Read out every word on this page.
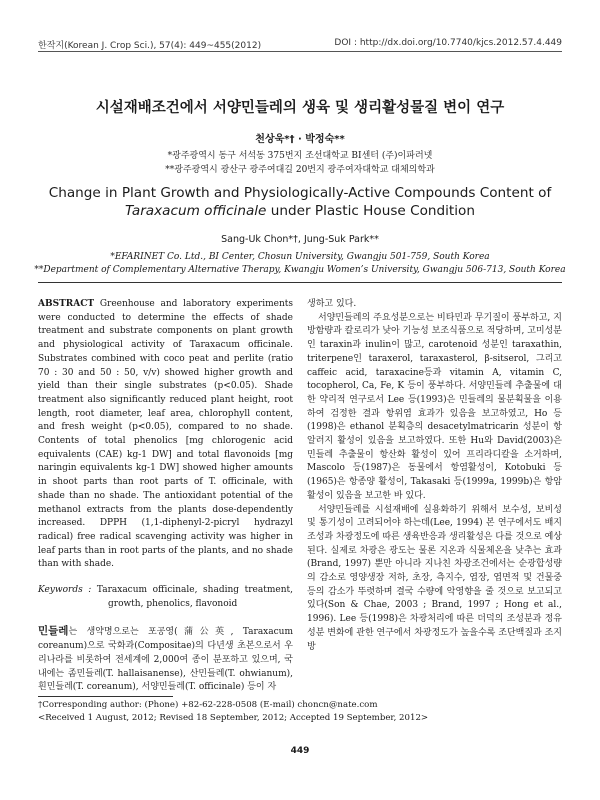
한작지(Korean J. Crop Sci.), 57(4): 449~455(2012)	DOI : http://dx.doi.org/10.7740/kjcs.2012.57.4.449
시설재배조건에서 서양민들레의 생육 및 생리활성물질 변이 연구
천상욱*† · 박정숙**
*광주광역시 동구 서석동 375번지 조선대학교 BI센터 (주)이파러넷
**광주광역시 광산구 광주여대길 20번지 광주여자대학교 대체의학과
Change in Plant Growth and Physiologically-Active Compounds Content of
Taraxacum officinale under Plastic House Condition
Sang-Uk Chon*†, Jung-Suk Park**
*EFARINET Co. Ltd., BI Center, Chosun University, Gwangju 501-759, South Korea
**Department of Complementary Alternative Therapy, Kwangju Women’s University, Gwangju 506-713, South Korea

ABSTRACT Greenhouse and laboratory experiments were conducted to determine the effects of shade treatment and substrate components on plant growth and physiological activity of Taraxacum officinale. Substrates combined with coco peat and perlite (ratio 70 : 30 and 50 : 50, v/v) showed higher growth and yield than their single substrates (p<0.05). Shade treatment also significantly reduced plant height, root length, root diameter, leaf area, chlorophyll content, and fresh weight (p<0.05), compared to no shade. Contents of total phenolics [mg chlorogenic acid equivalents (CAE) kg-1 DW] and total flavonoids [mg naringin equivalents kg-1 DW] showed higher amounts in shoot parts than root parts of T. officinale, with shade than no shade. The antioxidant potential of the methanol extracts from the plants dose-dependently increased. DPPH (1,1-diphenyl-2-picryl hydrazyl radical) free radical scavenging activity was higher in leaf parts than in root parts of the plants, and no shade than with shade.

Keywords : Taraxacum officinale, shading treatment, growth, phenolics, flavonoid

민들레는 생약명으로는 포공영(蒲公英, Taraxacum coreanum)으로 국화과(Compositae)의 다년생 초본으로서 우리나라를 비롯하여 전세계에 2,000여 종이 분포하고 있으며, 국내에는 좀민들레(T. hallaisanense), 산민들레(T. ohwianum), 흰민들레(T. coreanum), 서양민들레(T. officinale) 등이 자

생하고 있다.

서양민들레의 주요성분으로는 비타민과 무기질이 풍부하고, 지방함량과 칼로리가 낮아 기능성 보조식품으로 적당하며, 고미성분인 taraxin과 inulin이 많고, carotenoid 성분인 taraxathin, triterpene인 taraxerol, taraxasterol, β-sitserol, 그리고 caffeic acid, taraxacine등과 vitamin A, vitamin C, tocopherol, Ca, Fe, K 등이 풍부하다. 서양민들레 추출물에 대한 약리적 연구로서 Lee 등(1993)은 민들레의 물분획물을 이용하여 검정한 결과 항위염 효과가 있음을 보고하였고, Ho 등(1998)은 ethanol 분획층의 desacetylmatricarin 성분이 항알러지 활성이 있음을 보고하였다. 또한 Hu와 David(2003)은 민들레 추출물이 항산화 활성이 있어 프리라디칼을 소거하며, Mascolo 등(1987)은 동물에서 항염활성이, Kotobuki 등(1965)은 항종양 활성이, Takasaki 등(1999a, 1999b)은 항암활성이 있음을 보고한 바 있다.

서양민들레를 시설재배에 실용화하기 위해서 보수성, 보비성 및 통기성이 고려되어야 하는데(Lee, 1994) 본 연구에서도 배지조성과 차광정도에 따른 생육반응과 생리활성은 다를 것으로 예상된다. 실제로 차광은 광도는 물론 지온과 식물체온을 낮추는 효과(Brand, 1997) 뿐만 아니라 지나친 차광조건에서는 순광합성량의 감소로 영양생장 저하, 초장, 측지수, 엽장, 엽면적 및 건물중 등의 감소가 뚜렷하며 결국 수량에 악영향을 줄 것으로 보고되고 있다(Son & Chae, 2003 ; Brand, 1997 ; Hong et al., 1996). Lee 등(1998)은 차광처리에 따른 더덕의 조성분과 정유성분 변화에 관한 연구에서 차광정도가 높을수록 조단백질과 조지방

†Corresponding author: (Phone) +82-62-228-0508 (E-mail) choncn@nate.com
<Received 1 August, 2012; Revised 18 September, 2012; Accepted 19 September, 2012>
449
